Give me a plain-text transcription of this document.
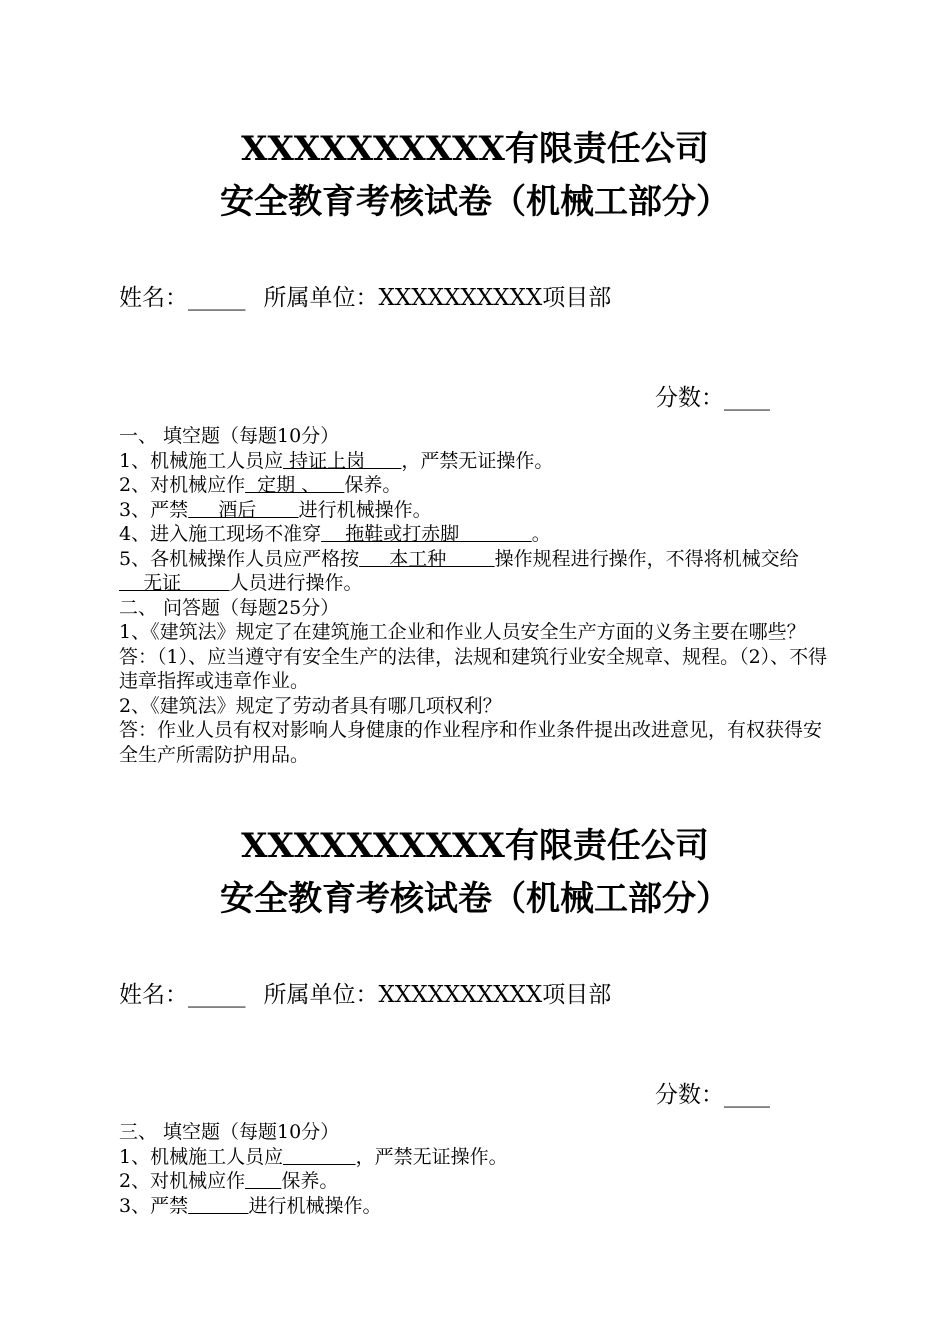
XXXXXXXXXX有限责任公司
安全教育考核试卷（机械工部分）
姓名：_____ 所属单位：XXXXXXXXXX项目部
分数：____

一、 填空题（每题10分）

1、机械施工人员应 持证上岗      ，严禁无证操作。

2、对机械应作  定期 、    保养。

3、严禁     酒后       进行机械操作。

4、进入施工现场不准穿    拖鞋或打赤脚            。

5、各机械操作人员应严格按     本工种        操作规程进行操作，不得将机械交给    无证        人员进行操作。

二、 问答题（每题25分）

1、《建筑法》规定了在建筑施工企业和作业人员安全生产方面的义务主要在哪些？

答：（1）、应当遵守有安全生产的法律，法规和建筑行业安全规章、规程。（2）、不得违章指挥或违章作业。

2、《建筑法》规定了劳动者具有哪几项权利？

答：作业人员有权对影响人身健康的作业程序和作业条件提出改进意见，有权获得安全生产所需防护用品。

XXXXXXXXXX有限责任公司
安全教育考核试卷（机械工部分）
姓名：_____ 所属单位：XXXXXXXXXX项目部
分数：____

三、 填空题（每题10分）

1、机械施工人员应	，严禁无证操作。

2、对机械应作 保养。

3、严禁	进行机械操作。
